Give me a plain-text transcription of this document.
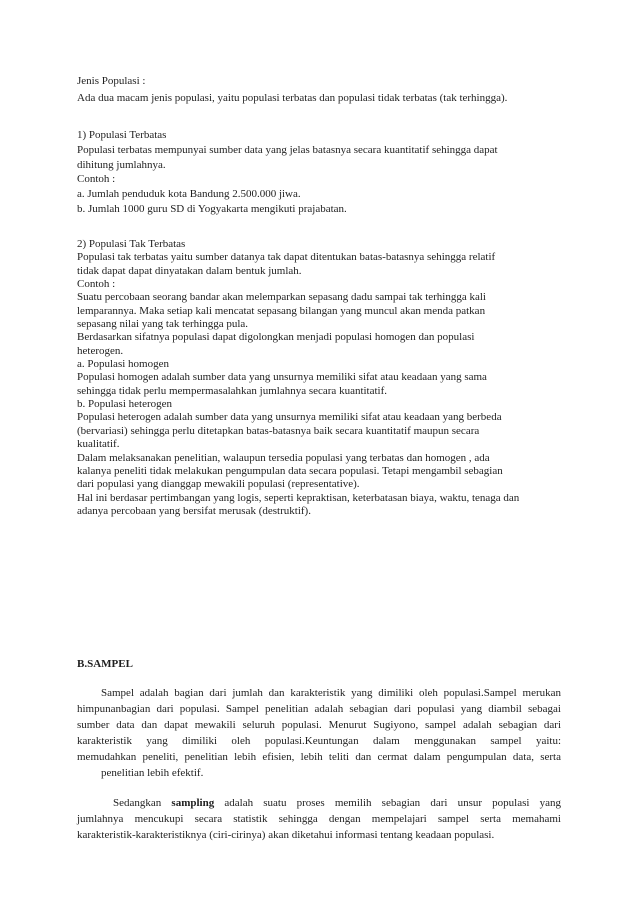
Jenis Populasi :
Ada dua macam jenis populasi, yaitu populasi terbatas dan populasi tidak terbatas (tak terhingga).
1) Populasi Terbatas
Populasi terbatas mempunyai sumber data yang jelas batasnya secara kuantitatif sehingga dapat
dihitung jumlahnya.
Contoh :
a. Jumlah penduduk kota Bandung 2.500.000 jiwa.
b. Jumlah 1000 guru SD di Yogyakarta mengikuti prajabatan.
2) Populasi Tak Terbatas
Populasi tak terbatas yaitu sumber datanya tak dapat ditentukan batas-batasnya sehingga relatif
tidak dapat dapat dinyatakan dalam bentuk jumlah.
Contoh :
Suatu percobaan seorang bandar akan melemparkan sepasang dadu sampai tak terhingga kali
lemparannya. Maka setiap kali mencatat sepasang bilangan yang muncul akan menda patkan
sepasang nilai yang tak terhingga pula.
Berdasarkan sifatnya populasi dapat digolongkan menjadi populasi homogen dan populasi
heterogen.
a. Populasi homogen
Populasi homogen adalah sumber data yang unsurnya memiliki sifat atau keadaan yang sama
sehingga tidak perlu mempermasalahkan jumlahnya secara kuantitatif.
b. Populasi heterogen
Populasi heterogen adalah sumber data yang unsurnya memiliki sifat atau keadaan yang berbeda
(bervariasi) sehingga perlu ditetapkan batas-batasnya baik secara kuantitatif maupun secara
kualitatif.
Dalam melaksanakan penelitian, walaupun tersedia populasi yang terbatas dan homogen , ada
kalanya peneliti tidak melakukan pengumpulan data secara populasi. Tetapi mengambil sebagian
dari populasi yang dianggap mewakili populasi (representative).
Hal ini berdasar pertimbangan yang logis, seperti kepraktisan, keterbatasan biaya, waktu, tenaga dan
adanya percobaan yang bersifat merusak (destruktif).
B.SAMPEL
Sampel adalah bagian dari jumlah dan karakteristik yang dimiliki oleh populasi.Sampel merukan
himpunanbagian dari populasi. Sampel penelitian adalah sebagian dari populasi yang diambil sebagai
sumber data dan dapat mewakili seluruh populasi. Menurut Sugiyono, sampel adalah sebagian dari
karakteristik yang dimiliki oleh populasi.Keuntungan dalam menggunakan sampel yaitu:
memudahkan peneliti, penelitian lebih efisien, lebih teliti dan cermat dalam pengumpulan data, serta
penelitian lebih efektif.
Sedangkan sampling adalah suatu proses memilih sebagian dari unsur populasi yang
jumlahnya mencukupi secara statistik sehingga dengan mempelajari sampel serta memahami
karakteristik-karakteristiknya (ciri-cirinya) akan diketahui informasi tentang keadaan populasi.
